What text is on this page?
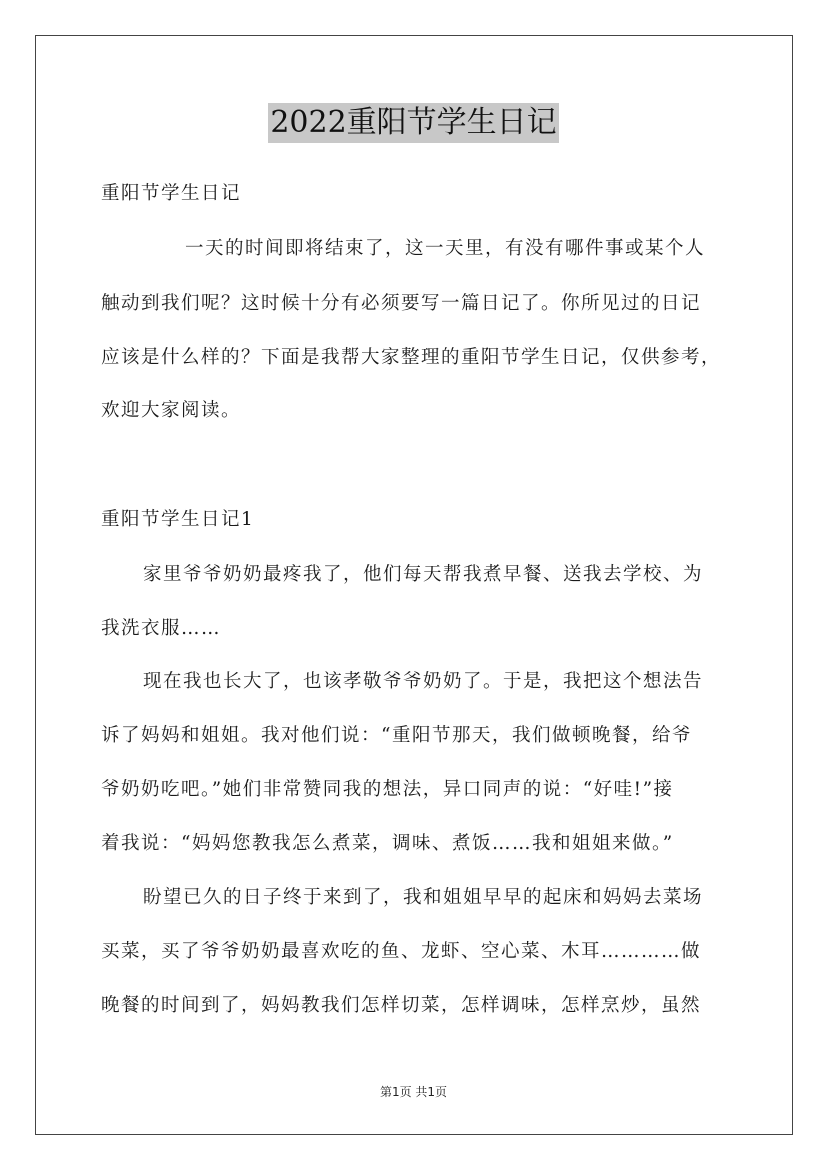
2022重阳节学生日记
重阳节学生日记
一天的时间即将结束了，这一天里，有没有哪件事或某个人
触动到我们呢？这时候十分有必须要写一篇日记了。你所见过的日记
应该是什么样的？下面是我帮大家整理的重阳节学生日记，仅供参考，
欢迎大家阅读。
重阳节学生日记1
家里爷爷奶奶最疼我了，他们每天帮我煮早餐、送我去学校、为
我洗衣服……
现在我也长大了，也该孝敬爷爷奶奶了。于是，我把这个想法告
诉了妈妈和姐姐。我对他们说：“重阳节那天，我们做顿晚餐，给爷
爷奶奶吃吧。”她们非常赞同我的想法，异口同声的说：“好哇!”接
着我说：“妈妈您教我怎么煮菜，调味、煮饭……我和姐姐来做。”
盼望已久的日子终于来到了，我和姐姐早早的起床和妈妈去菜场
买菜，买了爷爷奶奶最喜欢吃的鱼、龙虾、空心菜、木耳…………做
晚餐的时间到了，妈妈教我们怎样切菜，怎样调味，怎样烹炒，虽然
第1页 共1页
